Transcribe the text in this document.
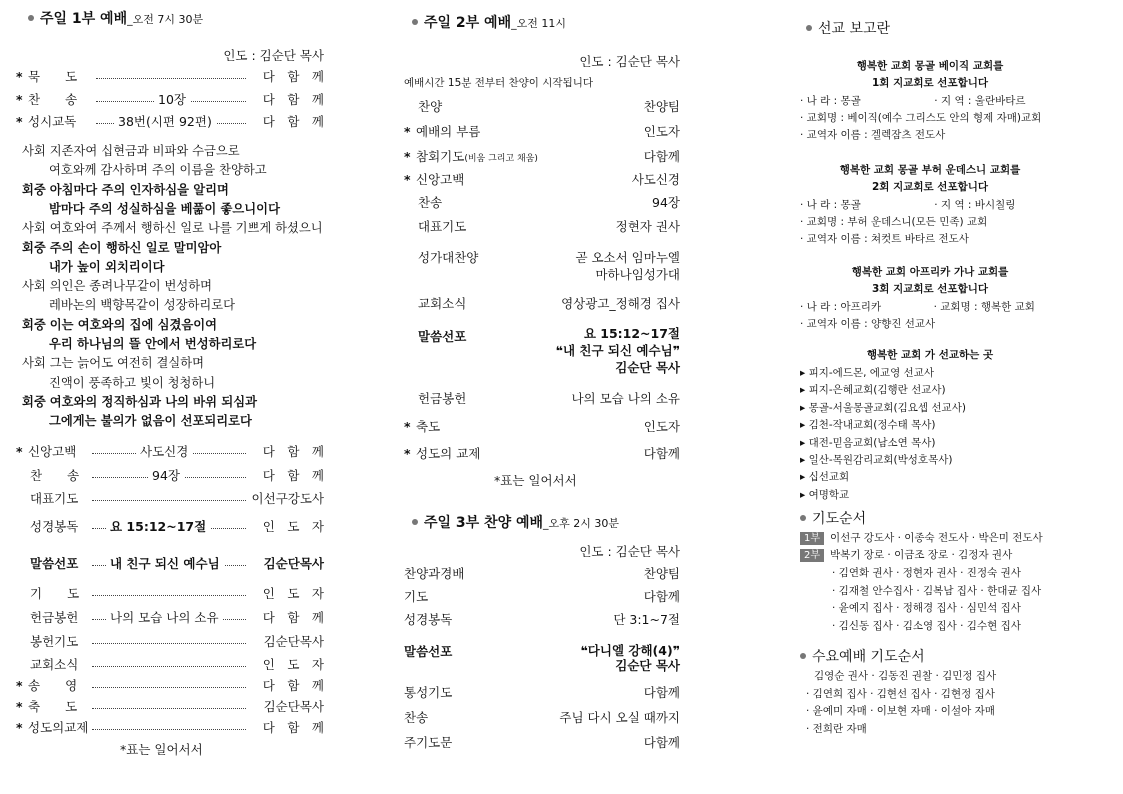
주일 1부 예배_오전 7시 30분
인도 : 김순단 목사
* 묵　　도	다　함　께
* 찬　　송	10장	다　함　께
* 성시교독	38번(시편 92편)	다　함　께
사회 지존자여 십현금과 비파와 수금으로
여호와께 감사하며 주의 이름을 찬양하고
회중 아침마다 주의 인자하심을 알리며
밤마다 주의 성실하심을 베풂이 좋으니이다
사회 여호와여 주께서 행하신 일로 나를 기쁘게 하셨으니
회중 주의 손이 행하신 일로 말미암아
내가 높이 외치리이다
사회 의인은 종려나무같이 번성하며
레바논의 백향목같이 성장하리로다
회중 이는 여호와의 집에 심겼음이여
우리 하나님의 뜰 안에서 번성하리로다
사회 그는 늙어도 여전히 결실하며
진액이 풍족하고 빛이 청청하니
회중 여호와의 정직하심과 나의 바위 되심과
그에게는 불의가 없음이 선포되리로다
* 신앙고백	사도신경	다　함　께
찬　　송	94장	다　함　께
대표기도	이선구강도사
성경봉독	요 15:12~17절	인　도　자
말씀선포	내 친구 되신 예수님	김순단목사
기　　도	인　도　자
헌금봉헌	나의 모습 나의 소유	다　함　께
봉헌기도	김순단목사
교회소식	인　도　자
* 송　　영	다　함　께
* 축　　도	김순단목사
* 성도의교제	다　함　께
*표는 일어서서
주일 2부 예배_오전 11시
인도 : 김순단 목사
예배시간 15분 전부터 찬양이 시작됩니다
찬양	찬양팀
* 예배의 부름	인도자
* 참회기도(비움 그리고 채움)	다함께
* 신앙고백	사도신경
찬송	94장
대표기도	정현자 권사
성가대찬양	곧 오소서 임마누엘
마하나임성가대
교회소식	영상광고_정해경 집사
말씀선포	요 15:12~17절
❝내 친구 되신 예수님❞
김순단 목사
헌금봉헌	나의 모습 나의 소유
* 축도	인도자
* 성도의 교제	다함께
*표는 일어서서
주일 3부 찬양 예배_오후 2시 30분
인도 : 김순단 목사
찬양과경배	찬양팀
기도	다함께
성경봉독	단 3:1~7절
말씀선포	❝다니엘 강해(4)❞
김순단 목사
통성기도	다함께
찬송	주님 다시 오실 때까지
주기도문	다함께
선교 보고란
행복한 교회 몽골 베이직 교회를
1회 지교회로 선포합니다
· 나 라 : 몽골　　　　　　　· 지 역 : 울란바타르
· 교회명 : 베이직(예수 그리스도 안의 형제 자매)교회
· 교역자 이름 : 겔렉잠츠 전도사
행복한 교회 몽골 부허 운데스니 교회를
2회 지교회로 선포합니다
· 나 라 : 몽골　　　　　　　· 지 역 : 바시칠링
· 교회명 : 부허 운데스니(모든 민족) 교회
· 교역자 이름 : 쳐컷트 바타르 전도사
행복한 교회 아프리카 가나 교회를
3회 지교회로 선포합니다
· 나 라 : 아프리카　　　　　· 교회명 : 행복한 교회
· 교역자 이름 : 양향진 선교사
행복한 교회 가 선교하는 곳
▸ 피지-에드몬, 에교영 선교사
▸ 피지-은혜교회(김행란 선교사)
▸ 몽골-서울몽골교회(김요셉 선교사)
▸ 김천-작내교회(정수태 목사)
▸ 대전-믿음교회(남소연 목사)
▸ 일산-목원감리교회(박성호목사)
▸ 십선교회
▸ 여명학교
기도순서
1부 이선구 강도사 · 이종숙 전도사 · 박은미 전도사
2부 박복기 장로 · 이금조 장로 · 김정자 권사
· 김연화 권사 · 정현자 권사 · 진정숙 권사
· 김재철 안수집사 · 김복남 집사 · 한대균 집사
· 윤예지 집사 · 정해경 집사 · 심민석 집사
· 김신동 집사 · 김소영 집사 · 김수현 집사
수요예배 기도순서
김영순 권사 · 김동진 권찰 · 김민정 집사
· 김연희 집사 · 김현선 집사 · 김현정 집사
· 윤예미 자매 · 이보현 자매 · 이설아 자매
· 전희란 자매
